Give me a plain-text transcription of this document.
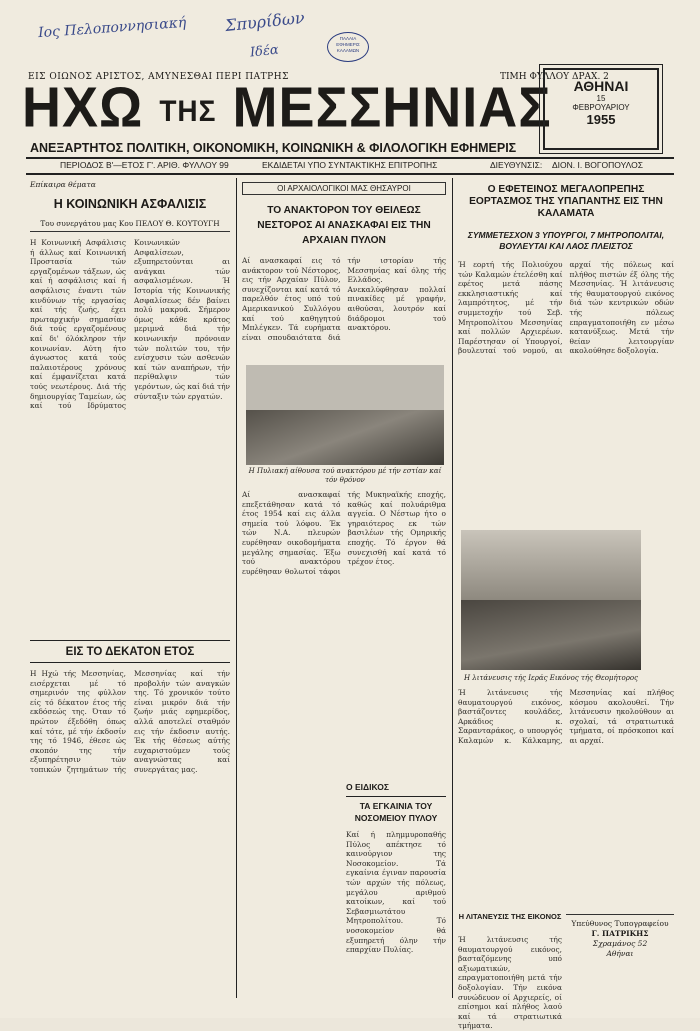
Ιος Πελοποννησιακή Σπυρίδων
Ιδέα
ΠΑΛΑΙΑ ΕΦΗΜΕΡΙΣ ΚΑΛΑΜΩΝ
ΕΙΣ ΟΙΩΝΟΣ ΑΡΙΣΤΟΣ, ΑΜΥΝΕΣΘΑΙ ΠΕΡΙ ΠΑΤΡΗΣ	ΤΙΜΗ ΦΥΛΛΟΥ ΔΡΑΧ. 2
ΗΧΩ ΤΗΣ ΜΕΣΣΗΝΙΑΣ	ΑΘΗΝΑΙ
15
ΦΕΒΡΟΥΑΡΙΟΥ
1955
ΑΝΕΞΑΡΤΗΤΟΣ ΠΟΛΙΤΙΚΗ, ΟΙΚΟΝΟΜΙΚΗ, ΚΟΙΝΩΝΙΚΗ & ΦΙΛΟΛΟΓΙΚΗ ΕΦΗΜΕΡΙΣ
ΠΕΡΙΟΔΟΣ Β'—ΕΤΟΣ Γ'. ΑΡΙΘ. ΦΥΛΛΟΥ 99	ΕΚΔΙΔΕΤΑΙ ΥΠΟ ΣΥΝΤΑΚΤΙΚΗΣ ΕΠΙΤΡΟΠΗΣ	ΔΙΕΥΘΥΝΣΙΣ: ΔΙΟΝ. Ι. ΒΟΓΟΠΟΥΛΟΣ
Επίκαιρα θέματα
Η ΚΟΙΝΩΝΙΚΗ ΑΣΦΑΛΙΣΙΣ
Του συνεργάτου μας Κου ΠΕΛΟΥ Θ. ΚΟΥΤΟΥΓΗ
Η Κοινωνική Ασφάλισις ή άλλως καί Κοινωνική Προστασία τών εργαζομένων τάξεων, ώς καί ή ασφάλισις καί ή ασφάλισις έναντι τών κινδύνων τής εργασίας καί τής ζωής, έχει πρωταρχικήν σημασίαν διά τούς εργαζομένους καί δι' όλόκληρον τήν κοινωνίαν. Αύτη ήτο άγνωστος κατά τούς παλαιοτέρους χρόνους καί έμφανίζεται κατά τούς νεωτέρους. Διά τής δημιουργίας Ταμείων, ώς καί τού Ιδρύματος Κοινωνικών Ασφαλίσεων, εξυπηρετούνται αι ανάγκαι τών ασφαλισμένων. Ή Ιστορία τής Κοινωνικής Ασφαλίσεως δέν βαίνει πολύ μακρυά. Σήμερον όμως κάθε κράτος μεριμνά διά τήν κοινωνικήν πρόνοιαν τών πολιτών του, τήν ενίσχυσιν τών ασθενών καί τών αναπήρων, τήν περίθαλψιν τών γερόντων, ώς καί διά τήν σύνταξιν τών εργατών.
ΕΙΣ ΤΟ ΔΕΚΑΤΟΝ ΕΤΟΣ
Η Ηχώ τής Μεσσηνίας, εισέρχεται μέ τό σημερινόν της φύλλον είς τό δέκατον έτος τής εκδόσεώς της. Όταν τό πρώτον έξεδόθη όπως καί τότε, μέ τήν έκδοσίν της τό 1946, έθεσε ώς σκοπόν της τήν εξυπηρέτησιν τών τοπικών ζητημάτων τής Μεσσηνίας καί τήν προβολήν τών αναγκών της. Τό χρονικόν τούτο είναι μικρόν διά τήν ζωήν μιάς εφημερίδος, αλλά αποτελεί σταθμόν εις τήν έκδοσιν αυτής. Έκ τής θέσεως αύτής ευχαριστούμεν τούς αναγνώστας καί συνεργάτας μας.
ΟΙ ΑΡΧΑΙΟΛΟΓΙΚΟΙ ΜΑΣ ΘΗΣΑΥΡΟΙ
ΤΟ ΑΝΑΚΤΟΡΟΝ ΤΟΥ ΘΕΙΛΕΩΣ ΝΕΣΤΟΡΟΣ ΑΙ ΑΝΑΣΚΑΦΑΙ ΕΙΣ ΤΗΝ ΑΡΧΑΙΑΝ ΠΥΛΟΝ
Αί ανασκαφαί εις τό ανάκτορον τού Νέστορος, εις τήν Αρχαίαν Πύλον, συνεχίζονται καί κατά τό παρελθόν έτος υπό τού Αμερικανικού Συλλόγου καί τού καθηγητού Μπλέγκεν. Τά ευρήματα είναι σπουδαιότατα διά τήν ιστορίαν τής Μεσσηνίας καί όλης τής Ελλάδος. Ανεκαλύφθησαν πολλαί πινακίδες μέ γραφήν, αιθούσαι, λουτρόν καί διάδρομοι τού ανακτόρου.
Η Πυλιακή αίθουσα τού ανακτόρου μέ τήν εστίαν καί τόν θρόνον
Αί ανασκαφαί επεξετάθησαν κατά τό έτος 1954 καί εις άλλα σημεία τού λόφου. Έκ τών Ν.Α. πλευρών ευρέθησαν οικοδομήματα μεγάλης σημασίας. Έξω τού ανακτόρου ευρέθησαν θολωτοί τάφοι τής Μυκηναϊκής εποχής, καθώς καί πολυάριθμα αγγεία. Ο Νέστωρ ήτο ο γηραιότερος εκ τών βασιλέων τής Ομηρικής εποχής. Τό έργον θά συνεχισθή καί κατά τό τρέχον έτος.
Ο ΕΙΔΙΚΟΣ
ΤΑ ΕΓΚΑΙΝΙΑ ΤΟΥ ΝΟΣΟΜΕΙΟΥ ΠΥΛΟΥ
Καί ή πλημμυροπαθής Πύλος απέκτησε τό καινούργιον της Νοσοκομείον. Τά εγκαίνια έγιναν παρουσία τών αρχών τής πόλεως, μεγάλου αριθμού κατοίκων, καί τού Σεβασμιωτάτου Μητροπολίτου. Τό νοσοκομείον θά εξυπηρετή όλην τήν επαρχίαν Πυλίας.
Ο ΕΦΕΤΕΙΝΟΣ ΜΕΓΑΛΟΠΡΕΠΗΣ ΕΟΡΤΑΣΜΟΣ ΤΗΣ ΥΠΑΠΑΝΤΗΣ ΕΙΣ ΤΗΝ ΚΑΛΑΜΑΤΑ
ΣΥΜΜΕΤΕΣΧΟΝ 3 ΥΠΟΥΡΓΟΙ, 7 ΜΗΤΡΟΠΟΛΙΤΑΙ, ΒΟΥΛΕΥΤΑΙ ΚΑΙ ΛΑΟΣ ΠΛΕΙΣΤΟΣ
Ή εορτή τής Πολιούχου τών Καλαμών έτελέσθη καί εφέτος μετά πάσης εκκλησιαστικής καί λαμπρότητος, μέ τήν συμμετοχήν τού Σεβ. Μητροπολίτου Μεσσηνίας καί πολλών Αρχιερέων. Παρέστησαν οί Υπουργοί, βουλευταί τού νομού, αι αρχαί τής πόλεως καί πλήθος πιστών έξ όλης τής Μεσσηνίας. Ή λιτάνευσις τής θαυματουργού εικόνος διά τών κεντρικών οδών τής πόλεως επραγματοποιήθη εν μέσω κατανύξεως. Μετά τήν θείαν λειτουργίαν ακολούθησε δοξολογία.
Η λιτάνευσις τής Ιεράς Εικόνος τής Θεομήτορος
Ή λιτάνευσις τής θαυματουργού εικόνος, βαστάζοντες κουλάδες, Αρκάδιος κ. Σαρανταράκος, ο υπουργός Καλαμών κ. Κάλκαμης, Μεσσηνίας καί πλήθος κόσμου ακολουθεί. Τήν λιτάνευσιν ηκολούθουν αι σχολαί, τά στρατιωτικά τμήματα, οί πρόσκοποι καί αι αρχαί.
Η ΛΙΤΑΝΕΥΣΙΣ ΤΗΣ ΕΙΚΟΝΟΣ
Ή λιτάνευσις τής θαυματουργού εικόνος, βασταζόμενης υπό αξιωματικών, επραγματοποιήθη μετά τήν δοξολογίαν. Τήν εικόνα συνώδευον οί Αρχιερείς, οί επίσημοι καί πλήθος λαού καί τά στρατιωτικά τμήματα.
Υπεύθυνος Τυπογραφείου
Γ. ΠΑΤΡΙΚΗΣ
Σχραμάνος 52
Αθήναι
